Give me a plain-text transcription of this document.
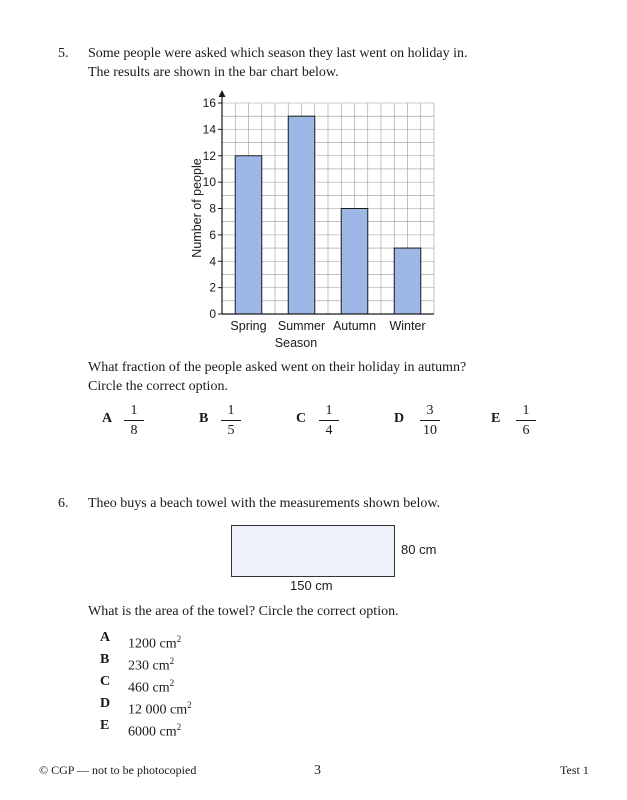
5. Some people were asked which season they last went on holiday in.
The results are shown in the bar chart below.
0
2
4
6
8
10
12
14
16
Spring Summer Autumn Winter
Season
Number of people
What fraction of the people asked went on their holiday in autumn?
Circle the correct option.
A
1
8
B
1
5
C
1
4
D
3
10
E
1
6
6. Theo buys a beach towel with the measurements shown below.
80 cm
150 cm
What is the area of the towel? Circle the correct option.
A 1200 $cm^2$
B 230 $cm^2$
C 460 $cm^2$
D 12 000 $cm^2$
E 6000 $cm^2$
© CGP — not to be photocopied	3	Test 1
